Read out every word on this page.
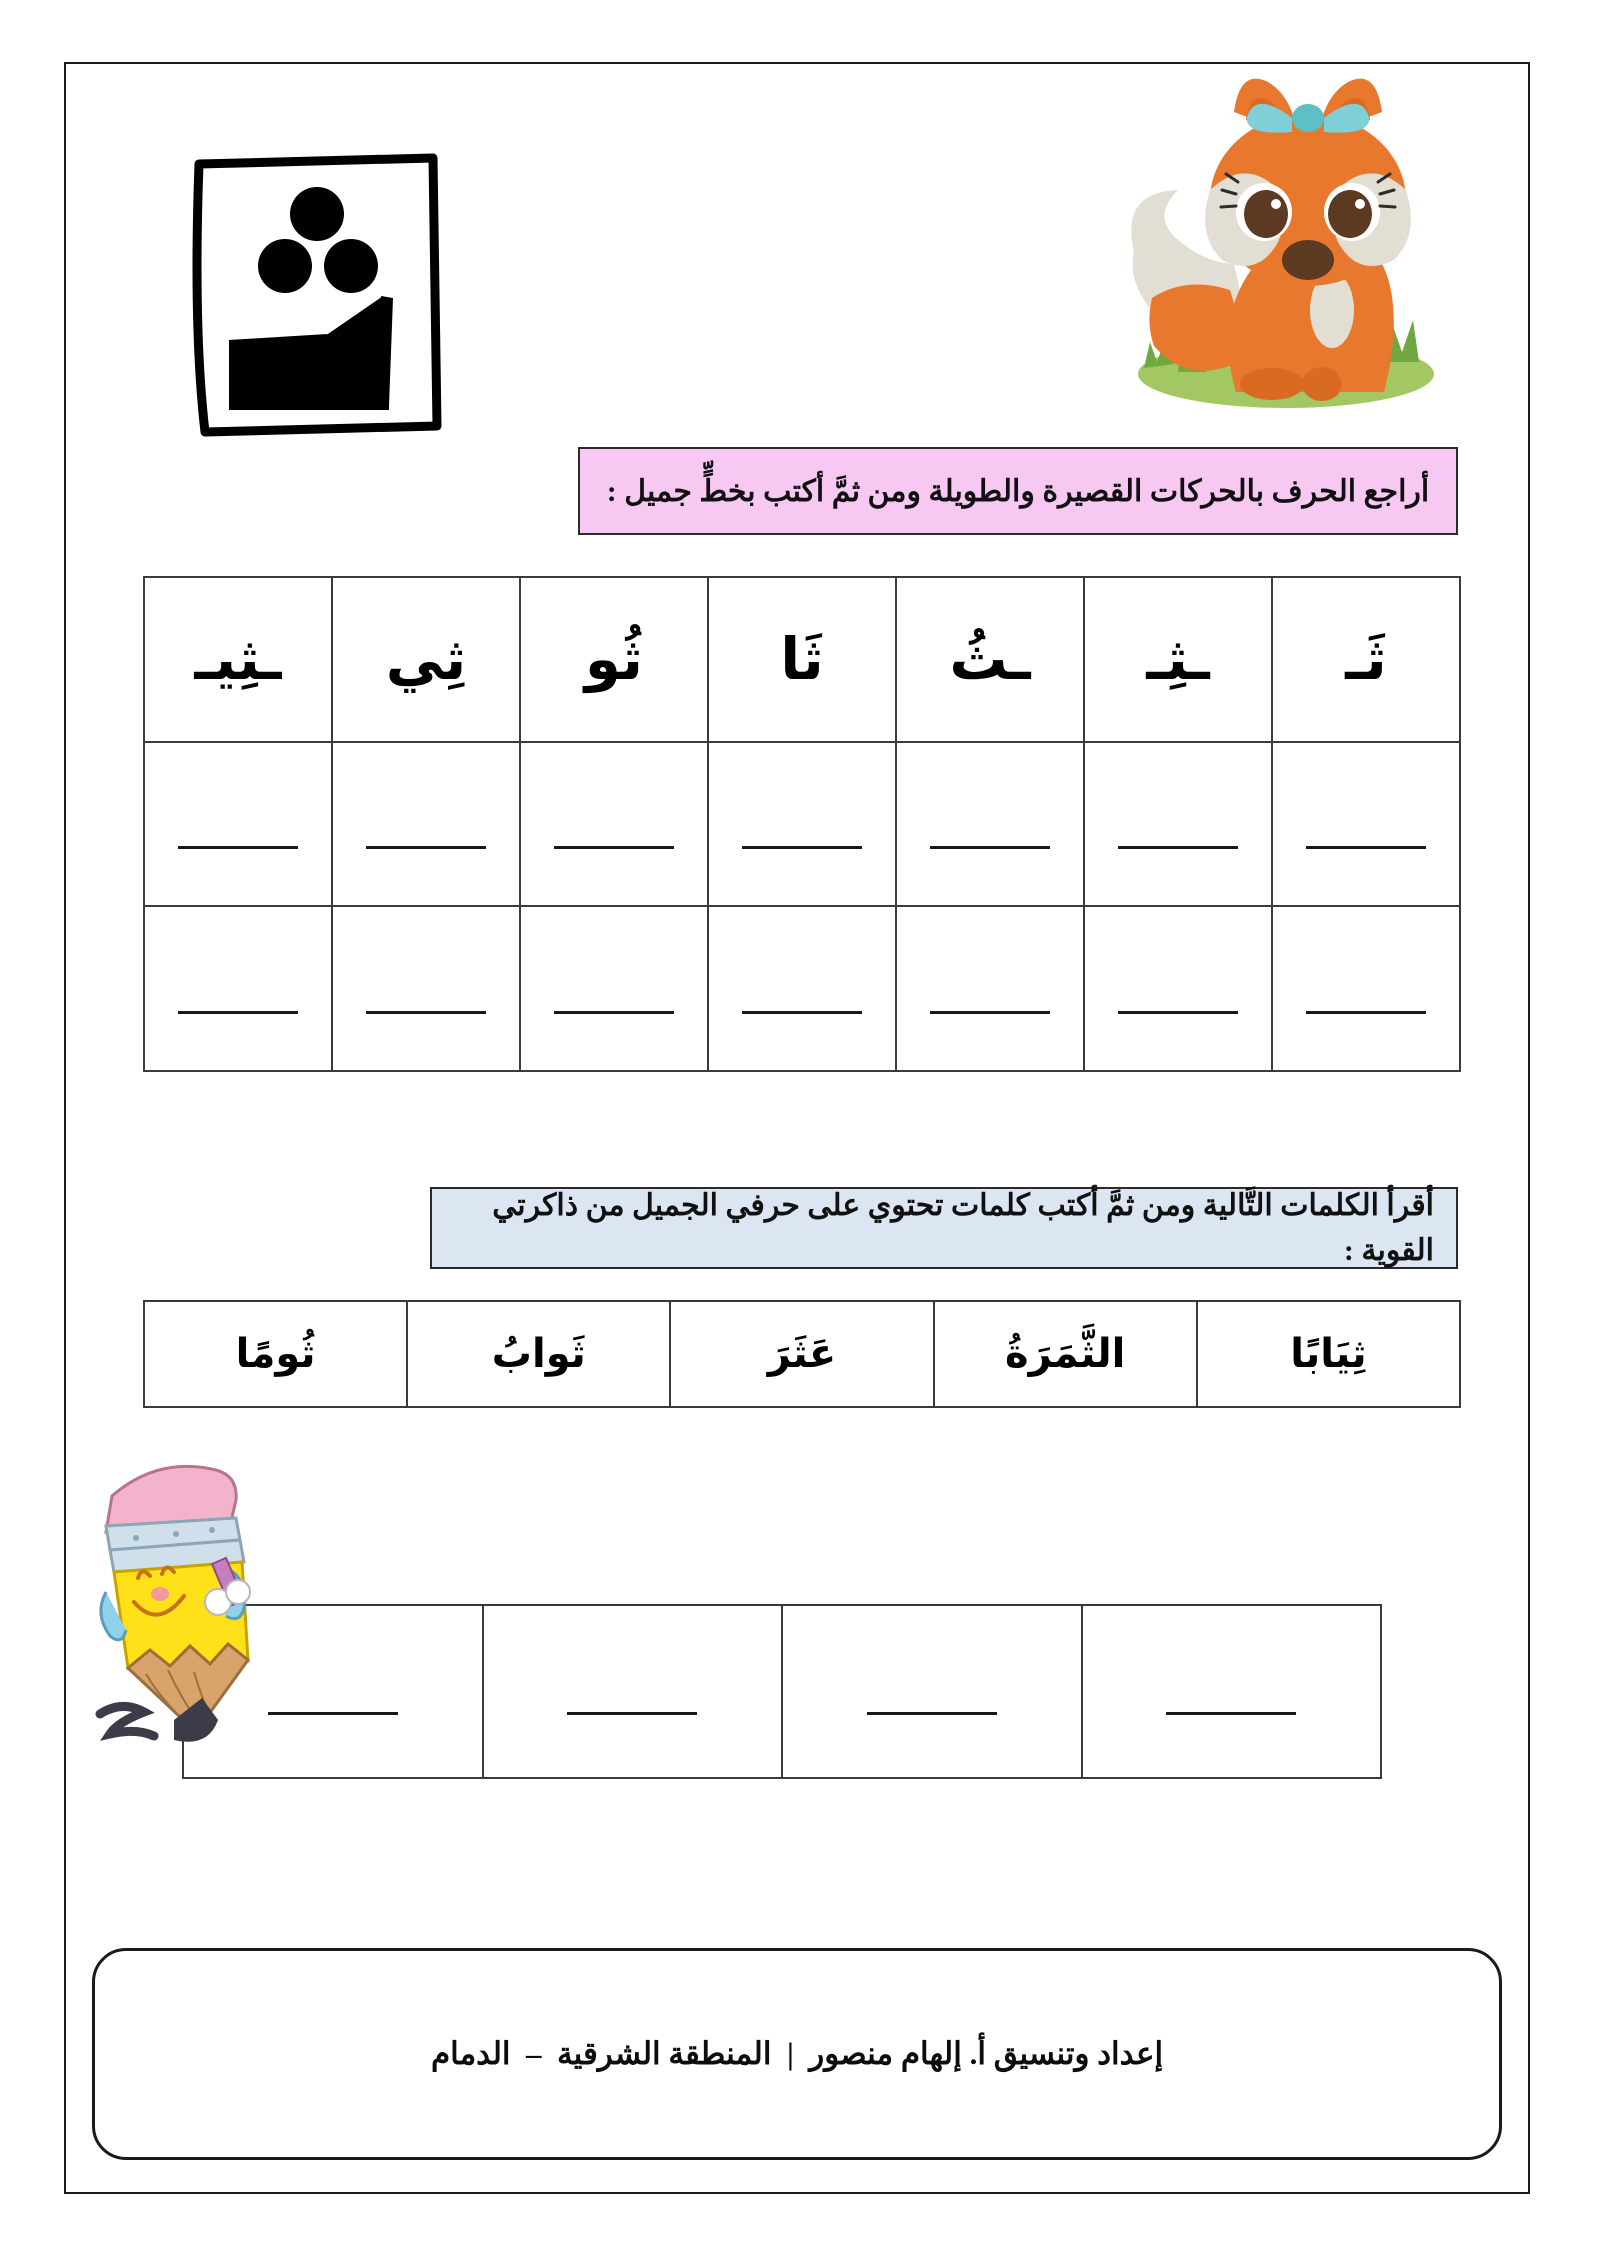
أراجع الحرف بالحركات القصيرة والطويلة ومن ثمَّ أكتب بخطٍّ جميل :
ثَـ
ـثِـ
ـثُ
ثَا
ثُو
ثِي
ـثِيـ
أقرأ الكلمات التَّالية ومن ثمَّ أكتب كلمات تحتوي على حرفي الجميل من ذاكرتي القوية :
ثِيَابًا
الثَّمَرَةُ
عَثَرَ
ثَوابُ
ثُومًا
إعداد وتنسيق أ. إلهام منصور  |  المنطقة الشرقية  –  الدمام
